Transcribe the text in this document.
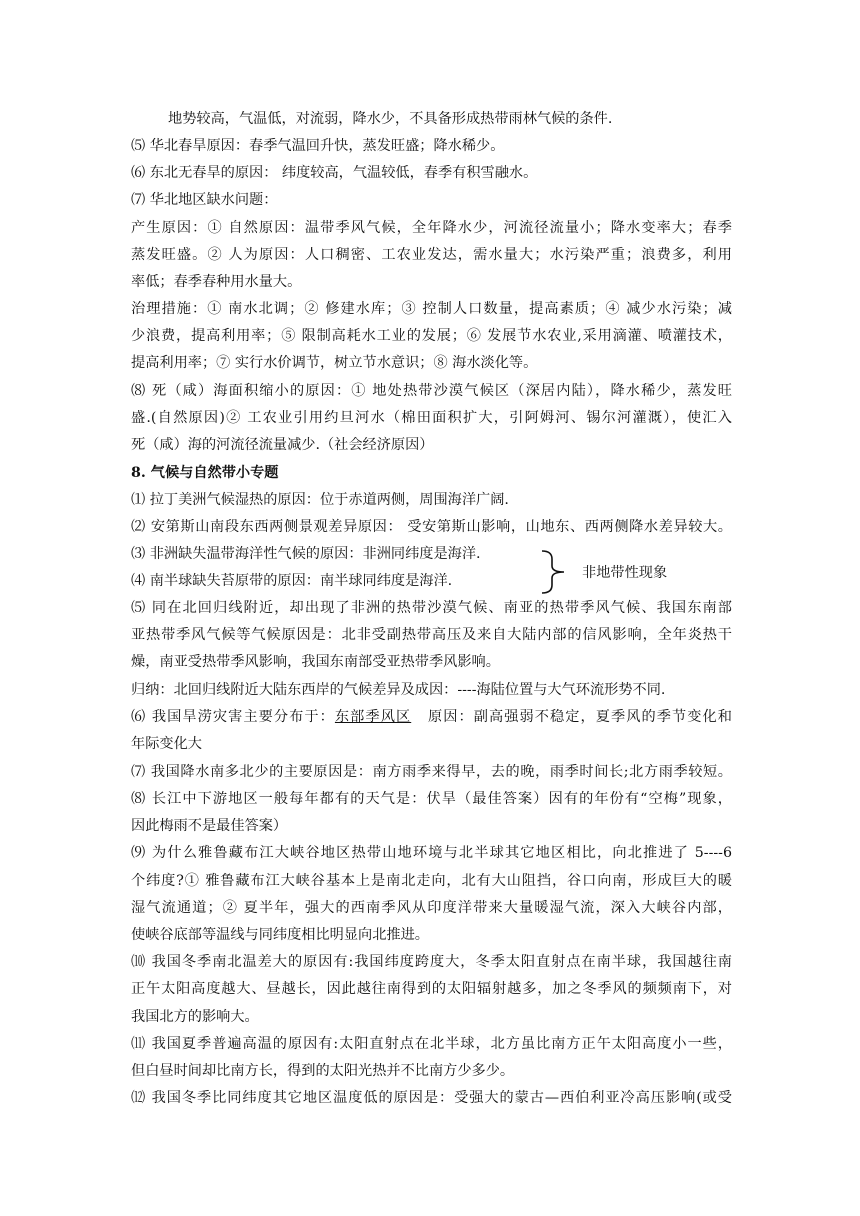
地势较高，气温低，对流弱，降水少，不具备形成热带雨林气候的条件.
⑸ 华北春旱原因：春季气温回升快，蒸发旺盛；降水稀少。
⑹ 东北无春旱的原因： 纬度较高，气温较低，春季有积雪融水。
⑺ 华北地区缺水问题：
产生原因：① 自然原因：温带季风气候，全年降水少，河流径流量小；降水变率大；春季
蒸发旺盛。② 人为原因：人口稠密、工农业发达，需水量大；水污染严重；浪费多，利用
率低；春季春种用水量大。
治理措施：① 南水北调；② 修建水库；③ 控制人口数量，提高素质；④ 减少水污染；减
少浪费，提高利用率；⑤ 限制高耗水工业的发展；⑥ 发展节水农业,采用滴灌、喷灌技术，
提高利用率；⑦ 实行水价调节，树立节水意识；⑧ 海水淡化等。
⑻ 死（咸）海面积缩小的原因：① 地处热带沙漠气候区（深居内陆），降水稀少，蒸发旺
盛.(自然原因)② 工农业引用约旦河水（棉田面积扩大，引阿姆河、锡尔河灌溉），使汇入
死（咸）海的河流径流量减少.（社会经济原因）
8. 气候与自然带小专题
⑴ 拉丁美洲气候湿热的原因：位于赤道两侧，周围海洋广阔.
⑵ 安第斯山南段东西两侧景观差异原因： 受安第斯山影响，山地东、西两侧降水差异较大。
⑶ 非洲缺失温带海洋性气候的原因：非洲同纬度是海洋.
⑷ 南半球缺失苔原带的原因：南半球同纬度是海洋.	非地带性现象
⑸ 同在北回归线附近，却出现了非洲的热带沙漠气候、南亚的热带季风气候、我国东南部
亚热带季风气候等气候原因是：北非受副热带高压及来自大陆内部的信风影响，全年炎热干
燥，南亚受热带季风影响，我国东南部受亚热带季风影响。
归纳：北回归线附近大陆东西岸的气候差异及成因：----海陆位置与大气环流形势不同.
⑹ 我国旱涝灾害主要分布于：东部季风区   原因：副高强弱不稳定，夏季风的季节变化和
年际变化大
⑺ 我国降水南多北少的主要原因是：南方雨季来得早，去的晚，雨季时间长;北方雨季较短。
⑻ 长江中下游地区一般每年都有的天气是：伏旱（最佳答案）因有的年份有“空梅”现象，
因此梅雨不是最佳答案）
⑼ 为什么雅鲁藏布江大峡谷地区热带山地环境与北半球其它地区相比，向北推进了 5----6
个纬度?① 雅鲁藏布江大峡谷基本上是南北走向，北有大山阻挡，谷口向南，形成巨大的暖
湿气流通道；② 夏半年，强大的西南季风从印度洋带来大量暖湿气流，深入大峡谷内部，
使峡谷底部等温线与同纬度相比明显向北推进。
⑽ 我国冬季南北温差大的原因有:我国纬度跨度大，冬季太阳直射点在南半球，我国越往南
正午太阳高度越大、昼越长，因此越往南得到的太阳辐射越多，加之冬季风的频频南下，对
我国北方的影响大。
⑾ 我国夏季普遍高温的原因有:太阳直射点在北半球，北方虽比南方正午太阳高度小一些，
但白昼时间却比南方长，得到的太阳光热并不比南方少多少。
⑿ 我国冬季比同纬度其它地区温度低的原因是：受强大的蒙古—西伯利亚冷高压影响(或受
